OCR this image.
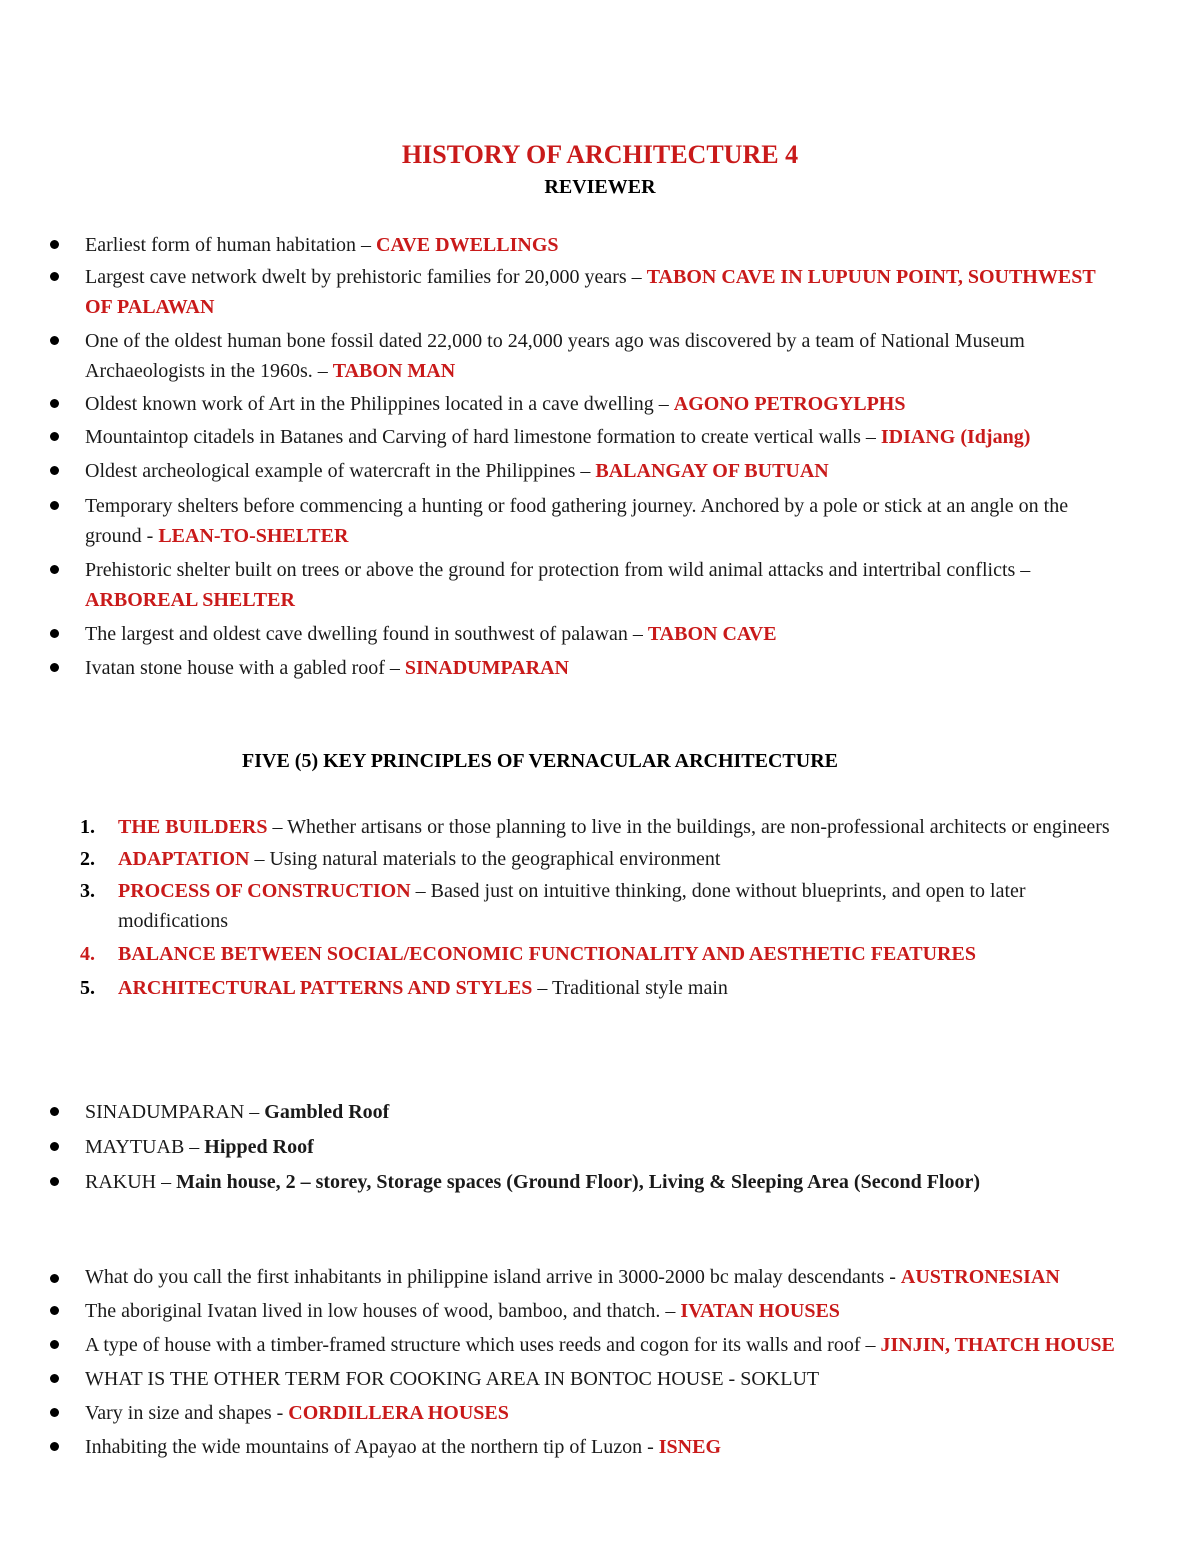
HISTORY OF ARCHITECTURE 4
REVIEWER
Earliest form of human habitation – CAVE DWELLINGS
Largest cave network dwelt by prehistoric families for 20,000 years – TABON CAVE IN LUPUUN POINT, SOUTHWEST OF PALAWAN
One of the oldest human bone fossil dated 22,000 to 24,000 years ago was discovered by a team of National Museum Archaeologists in the 1960s. – TABON MAN
Oldest known work of Art in the Philippines located in a cave dwelling – AGONO PETROGYLPHS
Mountaintop citadels in Batanes and Carving of hard limestone formation to create vertical walls – IDIANG (Idjang)
Oldest archeological example of watercraft in the Philippines – BALANGAY OF BUTUAN
Temporary shelters before commencing a hunting or food gathering journey. Anchored by a pole or stick at an angle on the ground - LEAN-TO-SHELTER
Prehistoric shelter built on trees or above the ground for protection from wild animal attacks and intertribal conflicts – ARBOREAL SHELTER
The largest and oldest cave dwelling found in southwest of palawan – TABON CAVE
Ivatan stone house with a gabled roof – SINADUMPARAN
FIVE (5) KEY PRINCIPLES OF VERNACULAR ARCHITECTURE
1. THE BUILDERS – Whether artisans or those planning to live in the buildings, are non-professional architects or engineers
2. ADAPTATION – Using natural materials to the geographical environment
3. PROCESS OF CONSTRUCTION – Based just on intuitive thinking, done without blueprints, and open to later modifications
4. BALANCE BETWEEN SOCIAL/ECONOMIC FUNCTIONALITY AND AESTHETIC FEATURES
5. ARCHITECTURAL PATTERNS AND STYLES – Traditional style main
SINADUMPARAN – Gambled Roof
MAYTUAB – Hipped Roof
RAKUH – Main house, 2 – storey, Storage spaces (Ground Floor), Living & Sleeping Area (Second Floor)
What do you call the first inhabitants in philippine island arrive in 3000-2000 bc malay descendants - AUSTRONESIAN
The aboriginal Ivatan lived in low houses of wood, bamboo, and thatch. – IVATAN HOUSES
A type of house with a timber-framed structure which uses reeds and cogon for its walls and roof – JINJIN, THATCH HOUSE
WHAT IS THE OTHER TERM FOR COOKING AREA IN BONTOC HOUSE - SOKLUT
Vary in size and shapes - CORDILLERA HOUSES
Inhabiting the wide mountains of Apayao at the northern tip of Luzon - ISNEG
